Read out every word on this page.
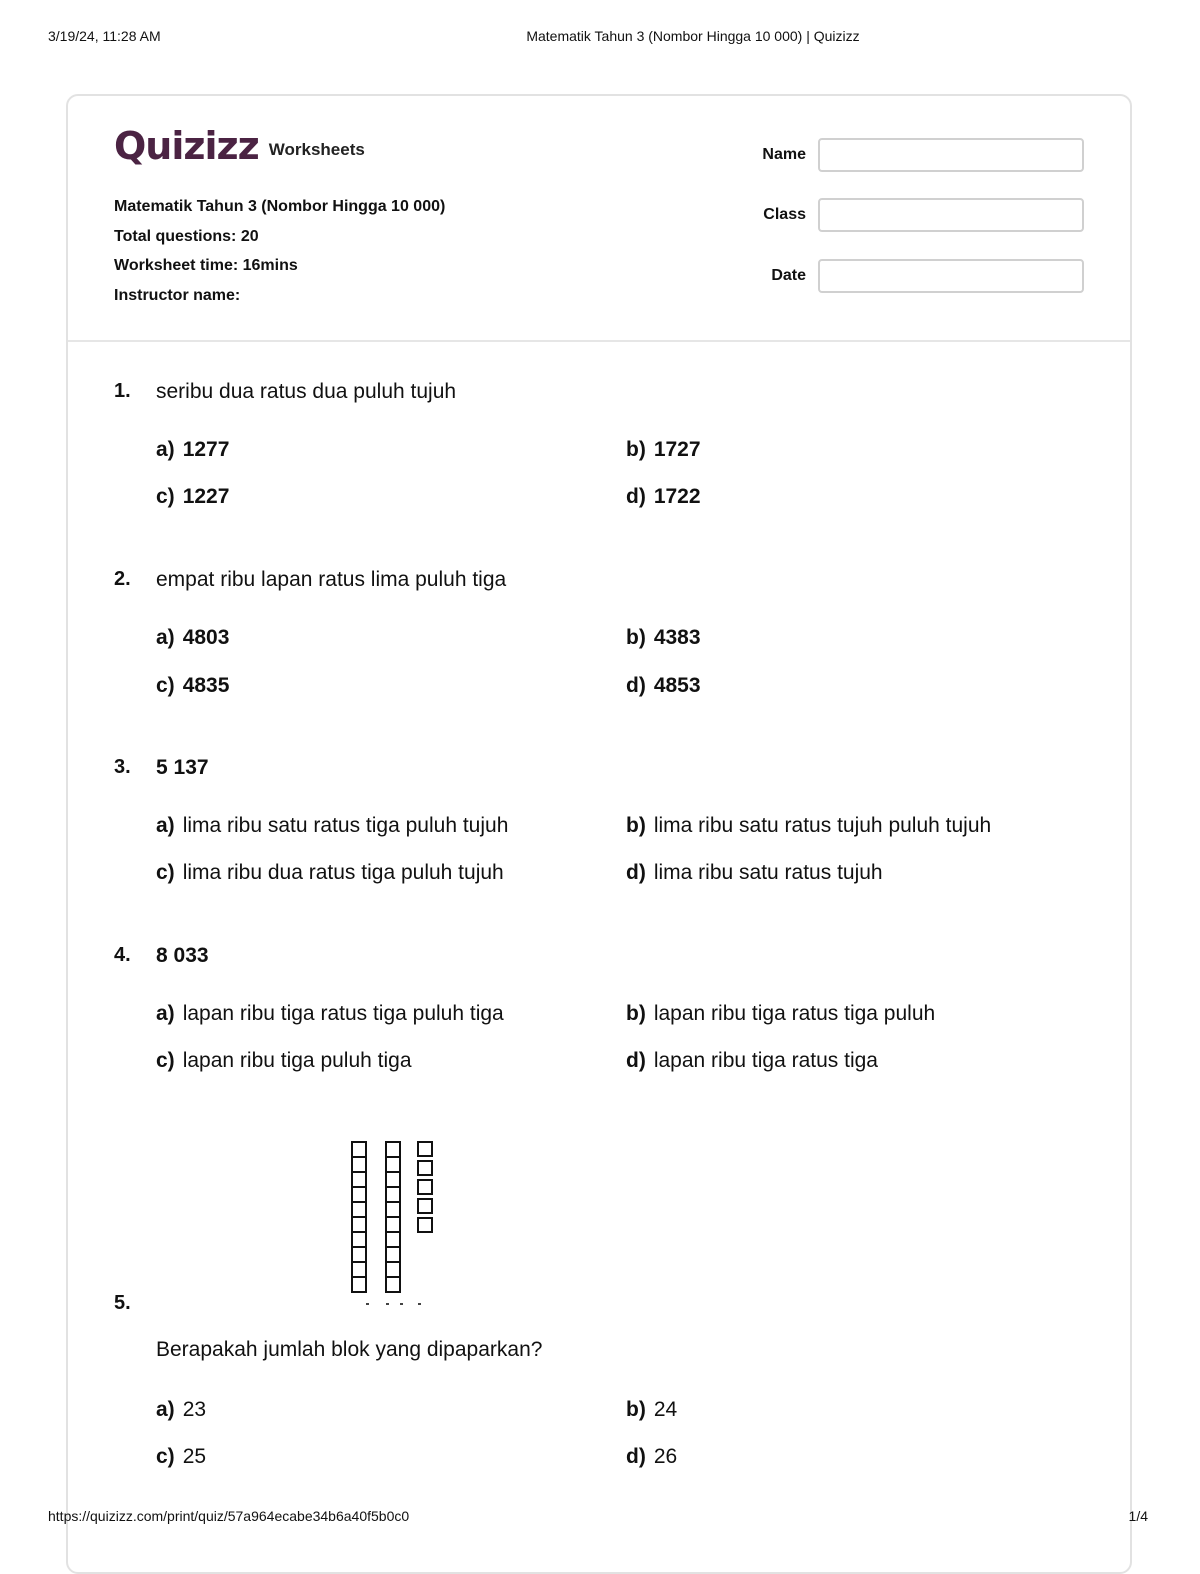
3/19/24, 11:28 AM	Matematik Tahun 3 (Nombor Hingga 10 000) | Quizizz
Quizizz Worksheets
Matematik Tahun 3 (Nombor Hingga 10 000)
Total questions: 20
Worksheet time: 16mins
Instructor name:
Name
Class
Date
1. seribu dua ratus dua puluh tujuh
a) 1277	b) 1727
c) 1227	d) 1722
2. empat ribu lapan ratus lima puluh tiga
a) 4803	b) 4383
c) 4835	d) 4853
3. 5 137
a) lima ribu satu ratus tiga puluh tujuh	b) lima ribu satu ratus tujuh puluh tujuh
c) lima ribu dua ratus tiga puluh tujuh	d) lima ribu satu ratus tujuh
4. 8 033
a) lapan ribu tiga ratus tiga puluh tiga	b) lapan ribu tiga ratus tiga puluh
c) lapan ribu tiga puluh tiga	d) lapan ribu tiga ratus tiga
5.
Berapakah jumlah blok yang dipaparkan?
a) 23	b) 24
c) 25	d) 26
https://quizizz.com/print/quiz/57a964ecabe34b6a40f5b0c0	1/4
